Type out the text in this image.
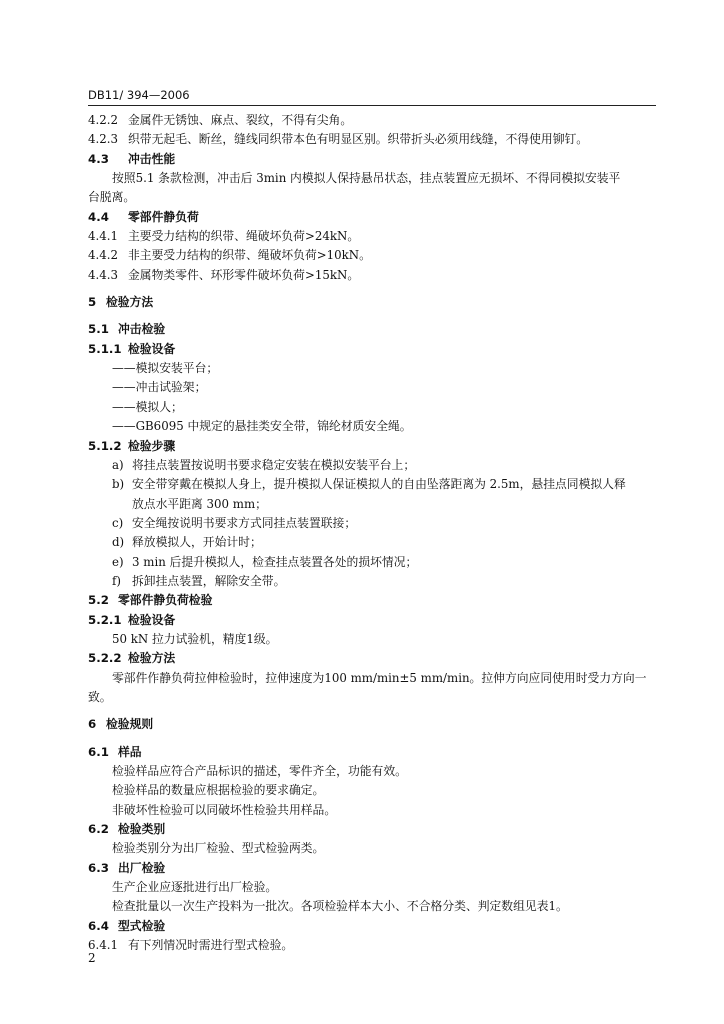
DB11/ 394—2006
4.2.2 金属件无锈蚀、麻点、裂纹，不得有尖角。
4.2.3 织带无起毛、断丝，缝线同织带本色有明显区别。织带折头必须用线缝，不得使用铆钉。
4.3 冲击性能
按照5.1 条款检测，冲击后 3min 内模拟人保持悬吊状态，挂点装置应无损坏、不得同模拟安装平
台脱离。
4.4 零部件静负荷
4.4.1 主要受力结构的织带、绳破坏负荷>24kN。
4.4.2 非主要受力结构的织带、绳破坏负荷>10kN。
4.4.3 金属物类零件、环形零件破坏负荷>15kN。
5 检验方法
5.1 冲击检验
5.1.1 检验设备
——模拟安装平台；
——冲击试验架；
——模拟人；
——GB6095 中规定的悬挂类安全带，锦纶材质安全绳。
5.1.2 检验步骤
a) 将挂点装置按说明书要求稳定安装在模拟安装平台上；
b) 安全带穿戴在模拟人身上，提升模拟人保证模拟人的自由坠落距离为 2.5m，悬挂点同模拟人释
放点水平距离 300 mm；
c) 安全绳按说明书要求方式同挂点装置联接；
d) 释放模拟人，开始计时；
e) 3 min 后提升模拟人，检查挂点装置各处的损坏情况；
f) 拆卸挂点装置，解除安全带。
5.2 零部件静负荷检验
5.2.1 检验设备
50 kN 拉力试验机，精度1级。
5.2.2 检验方法
零部件作静负荷拉伸检验时，拉伸速度为100 mm/min±5 mm/min。拉伸方向应同使用时受力方向一
致。
6 检验规则
6.1 样品
检验样品应符合产品标识的描述，零件齐全，功能有效。
检验样品的数量应根据检验的要求确定。
非破坏性检验可以同破坏性检验共用样品。
6.2 检验类别
检验类别分为出厂检验、型式检验两类。
6.3 出厂检验
生产企业应逐批进行出厂检验。
检查批量以一次生产投料为一批次。各项检验样本大小、不合格分类、判定数组见表1。
6.4 型式检验
6.4.1 有下列情况时需进行型式检验。
2
